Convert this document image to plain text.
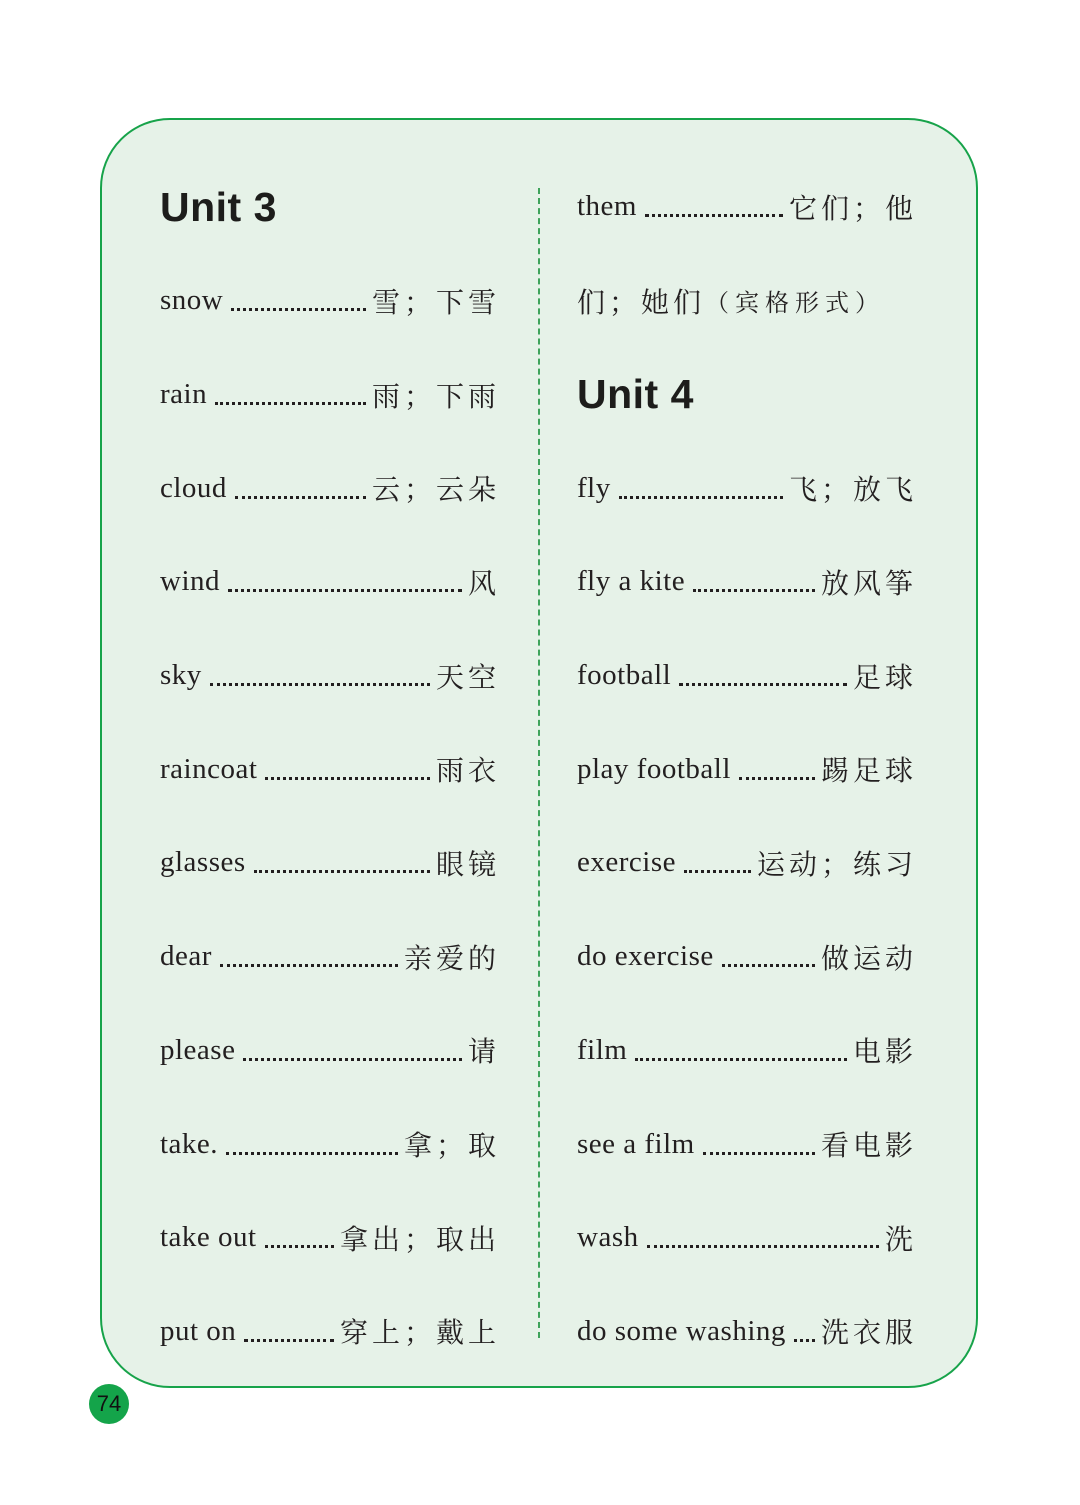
Unit 3
snow	雪；下雪
rain	雨；下雨
cloud	云；云朵
wind	风
sky	天空
raincoat	雨衣
glasses	眼镜
dear	亲爱的
please	请
take.	拿；取
take out	拿出；取出
put on	穿上；戴上
them	它们；他
们；她们 （宾格形式）
Unit 4
fly	飞；放飞
fly a kite	放风筝
football	足球
play football	踢足球
exercise	运动；练习
do exercise	做运动
film	电影
see a film	看电影
wash	洗
do some washing 洗衣服
74
